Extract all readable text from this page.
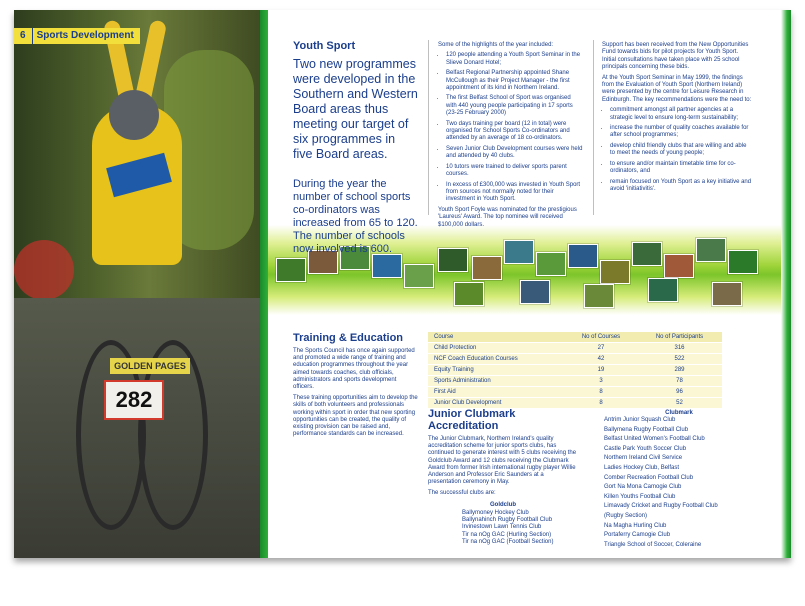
GOLDEN PAGES
282
6	Sports Development
Youth Sport
Two new programmes were developed in the Southern and Western Board areas thus meeting our target of six programmes in five Board areas.
During the year the number of school sports co-ordinators was increased from 65 to 120. The number of schools now involved is 600.

Some of the highlights of the year included:

• 120 people attending a Youth Sport Seminar in the Slieve Donard Hotel;
• Belfast Regional Partnership appointed Shane McCullough as their Project Manager - the first appointment of its kind in Northern Ireland.
• The first Belfast School of Sport was organised with 440 young people participating in 17 sports (23-25 February 2000)
• Two days training per board (12 in total) were organised for School Sports Co-ordinators and attended by an average of 18 co-ordinators.
• Seven Junior Club Development courses were held and attended by 40 clubs.
• 10 tutors were trained to deliver sports parent courses.
• In excess of £300,000 was invested in Youth Sport from sources not normally noted for their investment in Youth Sport.

Youth Sport Foyle was nominated for the prestigious 'Laureus' Award. The top nominee will received $100,000 dollars.

Support has been received from the New Opportunities Fund towards bids for pilot projects for Youth Sport. Initial consultations have taken place with 25 school principals concerning these bids.

At the Youth Sport Seminar in May 1999, the findings from the Evaluation of Youth Sport (Northern Ireland) were presented by the centre for Leisure Research in Edinburgh. The key recommendations were the need to:

• commitment amongst all partner agencies at a strategic level to ensure long-term sustainability;
• increase the number of quality coaches available for after school programmes;
• develop child friendly clubs that are willing and able to meet the needs of young people;
• to ensure and/or maintain timetable time for co-ordinators, and
• remain focused on Youth Sport as a key initiative and avoid 'initiativitis'.
Training & Education

The Sports Council has once again supported and promoted a wide range of training and education programmes throughout the year aimed towards coaches, club officials, administrators and sports development officers.

These training opportunities aim to develop the skills of both volunteers and professionals working within sport in order that new sporting opportunities can be created, the quality of existing provision can be raised and, performance standards can be increased.

Course	No of Courses	No of Participants
Child Protection	27	316
NCF Coach Education Courses	42	522
Equity Training	19	289
Sports Administration	3	78
First Aid	8	96
Junior Club Development	8	52
Junior Clubmark Accreditation

The Junior Clubmark, Northern Ireland's quality accreditation scheme for junior sports clubs, has continued to generate interest with 5 clubs receiving the Goldclub Award and 12 clubs receiving the Clubmark Award from former Irish international rugby player Willie Anderson and Professor Eric Saunders at a presentation ceremony in May.

The successful clubs are:

Goldclub
Ballymoney Hockey Club
Ballynahinch Rugby Football Club
Irvinestown Lawn Tennis Club
Tir na nOg GAC (Hurling Section)
Tir na nOg GAC (Football Section)
Clubmark
Antrim Junior Squash Club
Ballymena Rugby Football Club
Belfast United Women's Football Club
Castle Park Youth Soccer Club
Northern Ireland Civil Service
Ladies Hockey Club, Belfast
Comber Recreation Football Club
Gort Na Mona Camogie Club
Killen Youths Football Club
Limavady Cricket and Rugby Football Club
(Rugby Section)
Na Magha Hurling Club
Portaferry Camogie Club
Triangle School of Soccer, Coleraine
